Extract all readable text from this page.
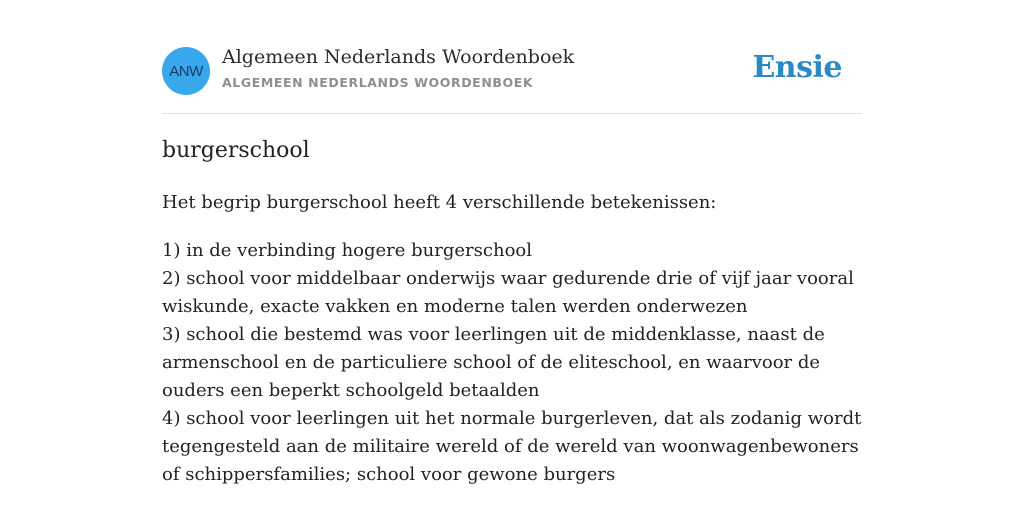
ANW
Algemeen Nederlands Woordenboek
ALGEMEEN NEDERLANDS WOORDENBOEK	Ensie
burgerschool
Het begrip burgerschool heeft 4 verschillende betekenissen:
1) in de verbinding hogere burgerschool
2) school voor middelbaar onderwijs waar gedurende drie of vijf jaar vooral wiskunde, exacte vakken en moderne talen werden onderwezen
3) school die bestemd was voor leerlingen uit de middenklasse, naast de armenschool en de particuliere school of de eliteschool, en waarvoor de ouders een beperkt schoolgeld betaalden
4) school voor leerlingen uit het normale burgerleven, dat als zodanig wordt tegengesteld aan de militaire wereld of de wereld van woonwagenbewoners of schippersfamilies; school voor gewone burgers
